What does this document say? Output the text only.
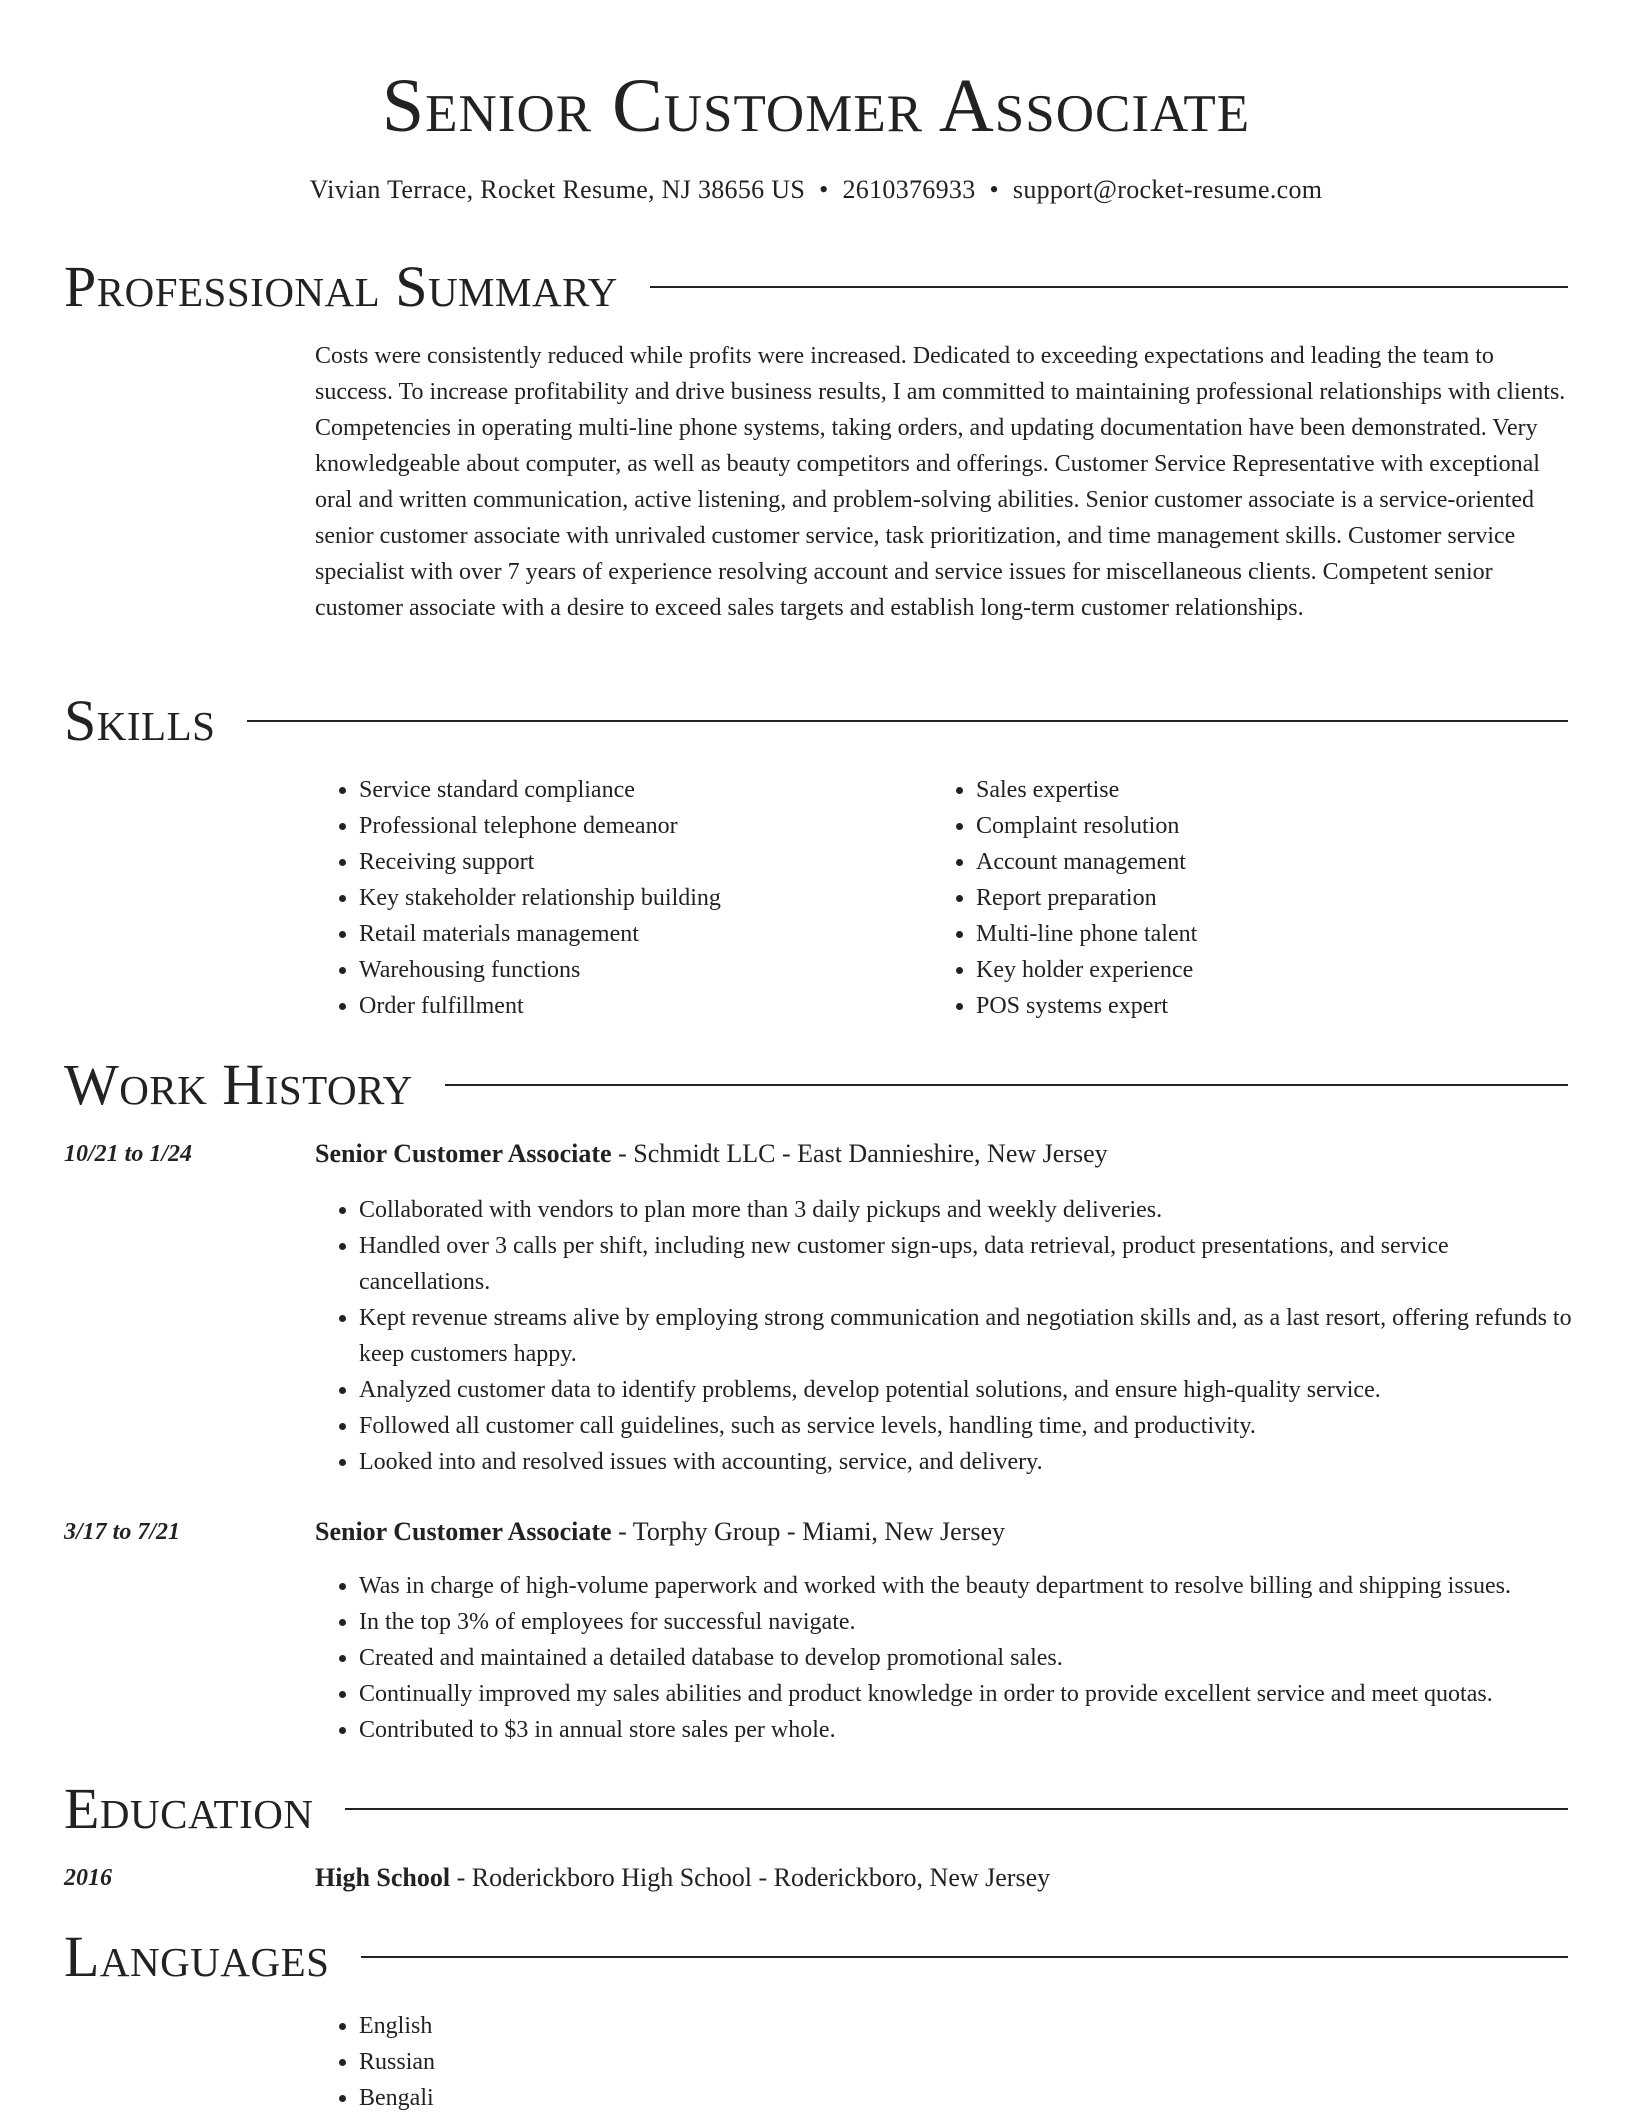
Senior Customer Associate
Vivian Terrace, Rocket Resume, NJ 38656 US • 2610376933 • support@rocket-resume.com
Professional Summary

Costs were consistently reduced while profits were increased. Dedicated to exceeding expectations and leading the team to success. To increase profitability and drive business results, I am committed to maintaining professional relationships with clients. Competencies in operating multi-line phone systems, taking orders, and updating documentation have been demonstrated. Very knowledgeable about computer, as well as beauty competitors and offerings. Customer Service Representative with exceptional oral and written communication, active listening, and problem-solving abilities. Senior customer associate is a service-oriented senior customer associate with unrivaled customer service, task prioritization, and time management skills. Customer service specialist with over 7 years of experience resolving account and service issues for miscellaneous clients. Competent senior customer associate with a desire to exceed sales targets and establish long-term customer relationships.

Skills
• Service standard compliance
• Professional telephone demeanor
• Receiving support
• Key stakeholder relationship building
• Retail materials management
• Warehousing functions
• Order fulfillment
• Sales expertise
• Complaint resolution
• Account management
• Report preparation
• Multi-line phone talent
• Key holder experience
• POS systems expert
Work History
10/21 to 1/24	Senior Customer Associate - Schmidt LLC - East Dannieshire, New Jersey
• Collaborated with vendors to plan more than 3 daily pickups and weekly deliveries.
• Handled over 3 calls per shift, including new customer sign-ups, data retrieval, product presentations, and service cancellations.
• Kept revenue streams alive by employing strong communication and negotiation skills and, as a last resort, offering refunds to keep customers happy.
• Analyzed customer data to identify problems, develop potential solutions, and ensure high-quality service.
• Followed all customer call guidelines, such as service levels, handling time, and productivity.
• Looked into and resolved issues with accounting, service, and delivery.
3/17 to 7/21	Senior Customer Associate - Torphy Group - Miami, New Jersey
• Was in charge of high-volume paperwork and worked with the beauty department to resolve billing and shipping issues.
• In the top 3% of employees for successful navigate.
• Created and maintained a detailed database to develop promotional sales.
• Continually improved my sales abilities and product knowledge in order to provide excellent service and meet quotas.
• Contributed to $3 in annual store sales per whole.
Education
2016	High School - Roderickboro High School - Roderickboro, New Jersey
Languages
• English
• Russian
• Bengali
